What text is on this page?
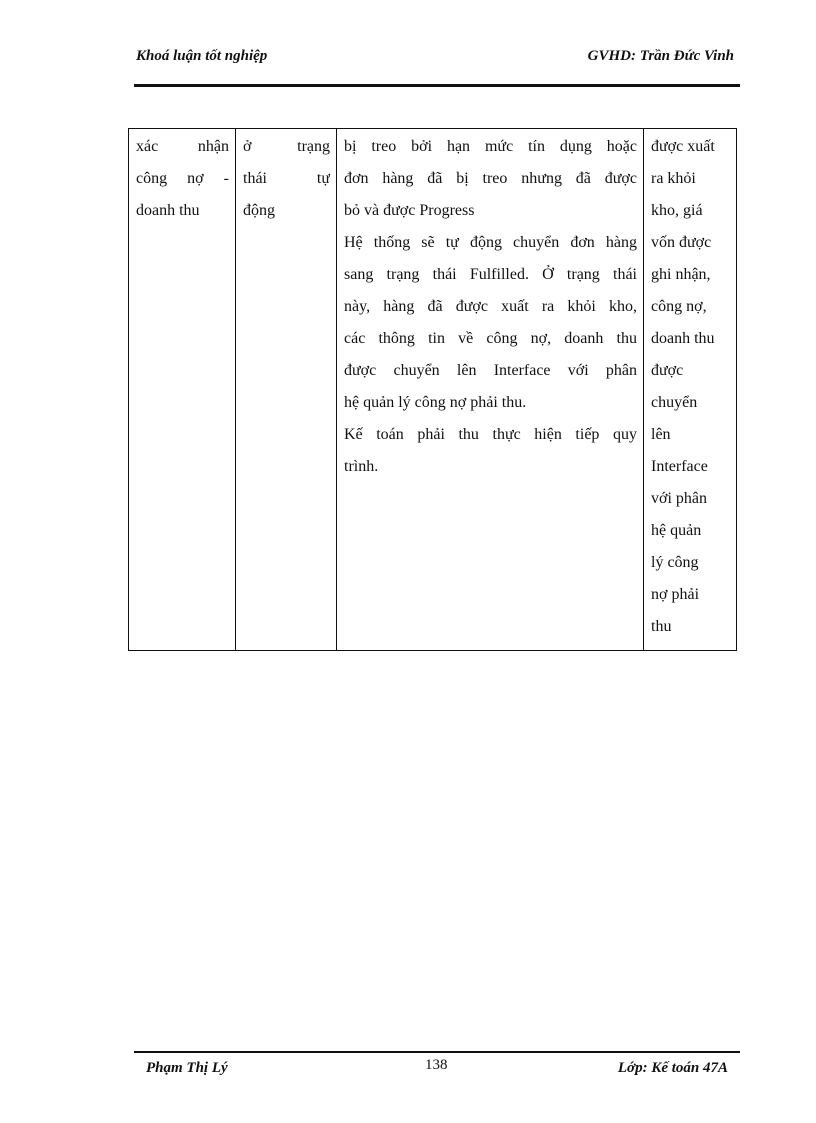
Khoá luận tốt nghiệp	GVHD: Trần Đức Vinh
xác nhận
công nợ -
doanh thu

ở trạng
thái tự
động

bị treo bởi hạn mức tín dụng hoặc
đơn hàng đã bị treo nhưng đã được
bỏ và được Progress
Hệ thống sẽ tự động chuyển đơn hàng
sang trạng thái Fulfilled. Ở trạng thái
này, hàng đã được xuất ra khỏi kho,
các thông tin về công nợ, doanh thu
được chuyển lên Interface với phân
hệ quản lý công nợ phải thu.
Kế toán phải thu thực hiện tiếp quy
trình.

được xuất
ra khỏi
kho, giá
vốn được
ghi nhận,
công nợ,
doanh thu
được
chuyển
lên
Interface
với phân
hệ quản
lý công
nợ phải
thu
Phạm Thị Lý	138	Lớp: Kế toán 47A
